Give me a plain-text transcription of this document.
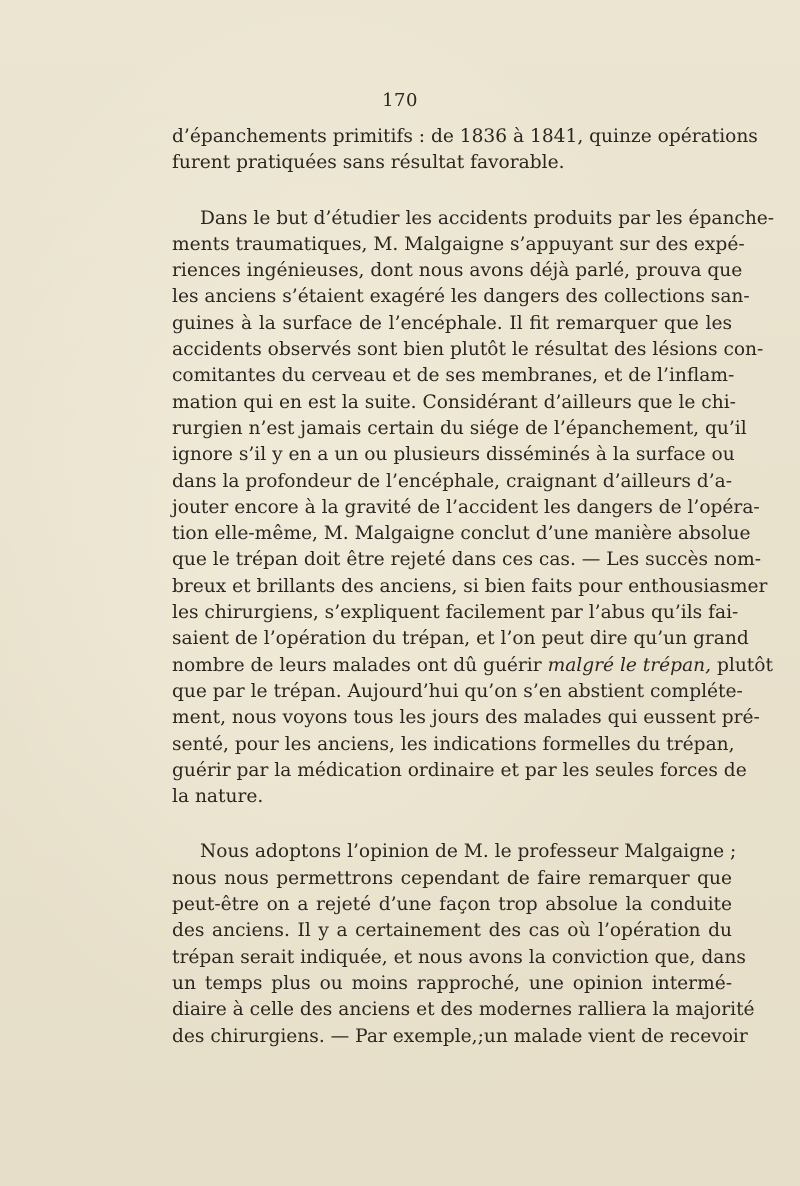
170
d’épanchements primitifs : de 1836 à 1841, quinze opérations
furent pratiquées sans résultat favorable.
Dans le but d’étudier les accidents produits par les épanche-
ments traumatiques, M. Malgaigne s’appuyant sur des expé-
riences ingénieuses, dont nous avons déjà parlé, prouva que
les anciens s’étaient exagéré les dangers des collections san-
guines à la surface de l’encéphale. Il fit remarquer que les
accidents observés sont bien plutôt le résultat des lésions con-
comitantes du cerveau et de ses membranes, et de l’inflam-
mation qui en est la suite. Considérant d’ailleurs que le chi-
rurgien n’est jamais certain du siége de l’épanchement, qu’il
ignore s’il y en a un ou plusieurs disséminés à la surface ou
dans la profondeur de l’encéphale, craignant d’ailleurs d’a-
jouter encore à la gravité de l’accident les dangers de l’opéra-
tion elle-même, M. Malgaigne conclut d’une manière absolue
que le trépan doit être rejeté dans ces cas. — Les succès nom-
breux et brillants des anciens, si bien faits pour enthousiasmer
les chirurgiens, s’expliquent facilement par l’abus qu’ils fai-
saient de l’opération du trépan, et l’on peut dire qu’un grand
nombre de leurs malades ont dû guérir malgré le trépan, plutôt
que par le trépan. Aujourd’hui qu’on s’en abstient compléte-
ment, nous voyons tous les jours des malades qui eussent pré-
senté, pour les anciens, les indications formelles du trépan,
guérir par la médication ordinaire et par les seules forces de
la nature.
Nous adoptons l’opinion de M. le professeur Malgaigne ;
nous nous permettrons cependant de faire remarquer que
peut-être on a rejeté d’une façon trop absolue la conduite
des anciens. Il y a certainement des cas où l’opération du
trépan serait indiquée, et nous avons la conviction que, dans
un temps plus ou moins rapproché, une opinion intermé-
diaire à celle des anciens et des modernes ralliera la majorité
des chirurgiens. — Par exemple,;un malade vient de recevoir
